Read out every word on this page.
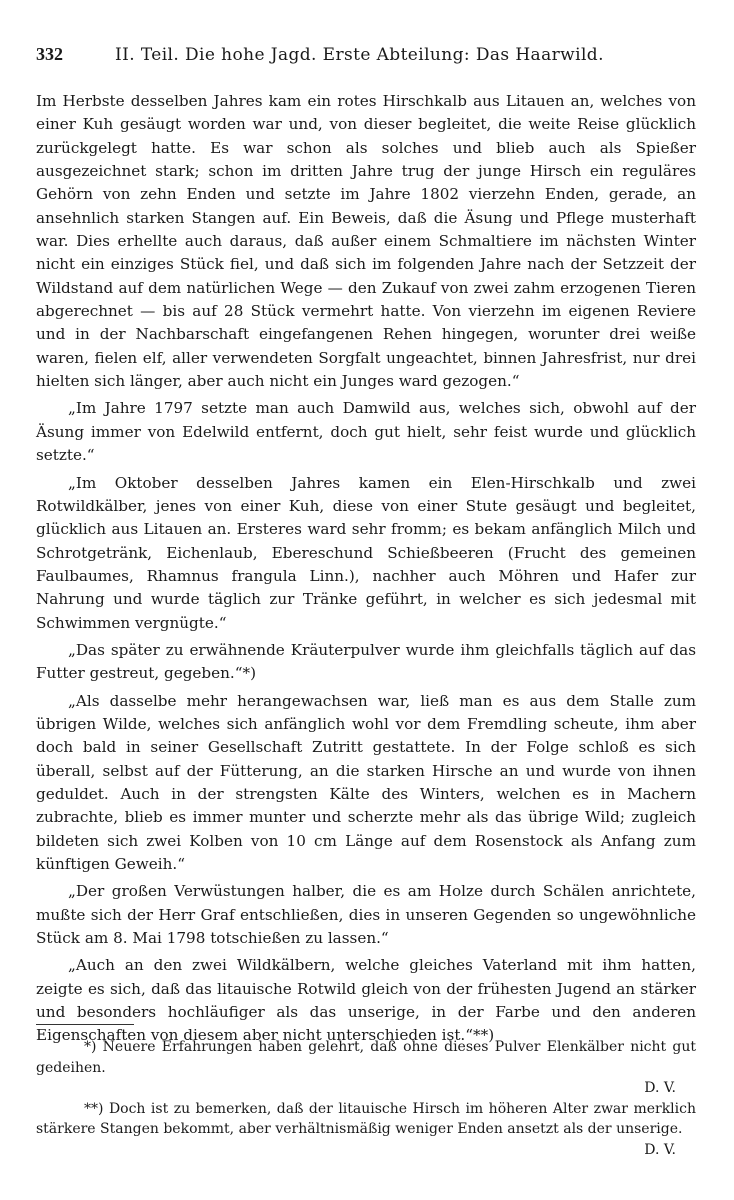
332	II. Teil. Die hohe Jagd. Erste Abteilung: Das Haarwild.

Im Herbste desselben Jahres kam ein rotes Hirschkalb aus Litauen an, welches von einer Kuh gesäugt worden war und, von dieser begleitet, die weite Reise glücklich zurückgelegt hatte. Es war schon als solches und blieb auch als Spießer ausgezeichnet stark; schon im dritten Jahre trug der junge Hirsch ein reguläres Gehörn von zehn Enden und setzte im Jahre 1802 vierzehn Enden, gerade, an ansehnlich starken Stangen auf. Ein Beweis, daß die Äsung und Pflege musterhaft war. Dies erhellte auch daraus, daß außer einem Schmaltiere im nächsten Winter nicht ein einziges Stück fiel, und daß sich im folgenden Jahre nach der Setzzeit der Wildstand auf dem natürlichen Wege — den Zukauf von zwei zahm erzogenen Tieren abgerechnet — bis auf 28 Stück vermehrt hatte. Von vierzehn im eigenen Reviere und in der Nachbarschaft eingefangenen Rehen hingegen, worunter drei weiße waren, fielen elf, aller verwendeten Sorgfalt ungeachtet, binnen Jahresfrist, nur drei hielten sich länger, aber auch nicht ein Junges ward gezogen.“

„Im Jahre 1797 setzte man auch Damwild aus, welches sich, obwohl auf der Äsung immer von Edelwild entfernt, doch gut hielt, sehr feist wurde und glücklich setzte.“

„Im Oktober desselben Jahres kamen ein Elen-Hirschkalb und zwei Rotwildkälber, jenes von einer Kuh, diese von einer Stute gesäugt und begleitet, glücklich aus Litauen an. Ersteres ward sehr fromm; es bekam anfänglich Milch und Schrotgetränk, Eichenlaub, Ebereschund Schießbeeren (Frucht des gemeinen Faulbaumes, Rhamnus frangula Linn.), nachher auch Möhren und Hafer zur Nahrung und wurde täglich zur Tränke geführt, in welcher es sich jedesmal mit Schwimmen vergnügte.“

„Das später zu erwähnende Kräuterpulver wurde ihm gleichfalls täglich auf das Futter gestreut, gegeben.“*)

„Als dasselbe mehr herangewachsen war, ließ man es aus dem Stalle zum übrigen Wilde, welches sich anfänglich wohl vor dem Fremdling scheute, ihm aber doch bald in seiner Gesellschaft Zutritt gestattete. In der Folge schloß es sich überall, selbst auf der Fütterung, an die starken Hirsche an und wurde von ihnen geduldet. Auch in der strengsten Kälte des Winters, welchen es in Machern zubrachte, blieb es immer munter und scherzte mehr als das übrige Wild; zugleich bildeten sich zwei Kolben von 10 cm Länge auf dem Rosenstock als Anfang zum künftigen Geweih.“

„Der großen Verwüstungen halber, die es am Holze durch Schälen anrichtete, mußte sich der Herr Graf entschließen, dies in unseren Gegenden so ungewöhnliche Stück am 8. Mai 1798 totschießen zu lassen.“

„Auch an den zwei Wildkälbern, welche gleiches Vaterland mit ihm hatten, zeigte es sich, daß das litauische Rotwild gleich von der frühesten Jugend an stärker und besonders hochläufiger als das unserige, in der Farbe und den anderen Eigenschaften von diesem aber nicht unterschieden ist.“**)

*) Neuere Erfahrungen haben gelehrt, daß ohne dieses Pulver Elenkälber nicht gut gedeihen.

D. V.

**) Doch ist zu bemerken, daß der litauische Hirsch im höheren Alter zwar merklich stärkere Stangen bekommt, aber verhältnismäßig weniger Enden ansetzt als der unserige.

D. V.
